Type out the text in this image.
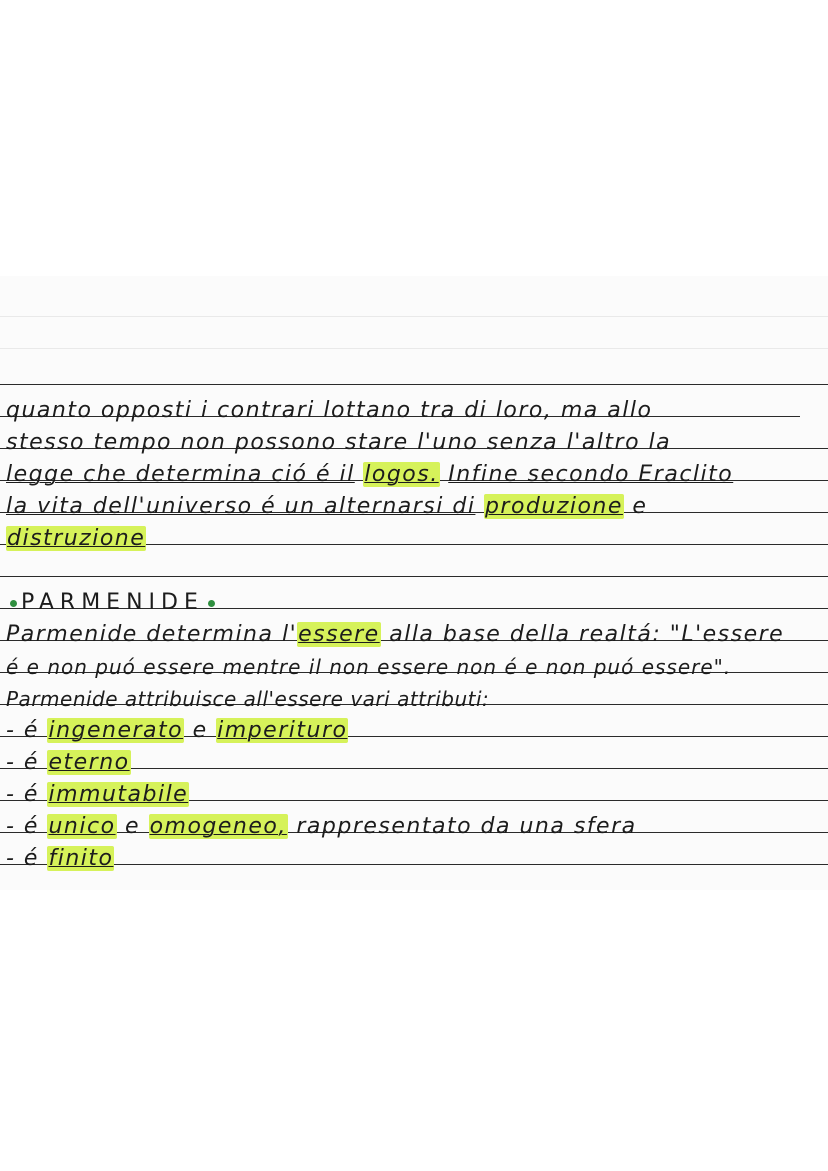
quanto opposti i contrari lottano tra di loro, ma allo
stesso tempo non possono stare l'uno senza l'altro la
legge che determina ció é il logos. Infine secondo Eraclito
la vita dell'universo é un alternarsi di produzione e
distruzione
PARMENIDE
Parmenide determina l'essere alla base della realtá: "L'essere
é e non puó essere mentre il non essere non é e non puó essere".
Parmenide attribuisce all'essere vari attributi:
- é ingenerato e imperituro
- é eterno
- é immutabile
- é unico e omogeneo, rappresentato da una sfera
- é finito
